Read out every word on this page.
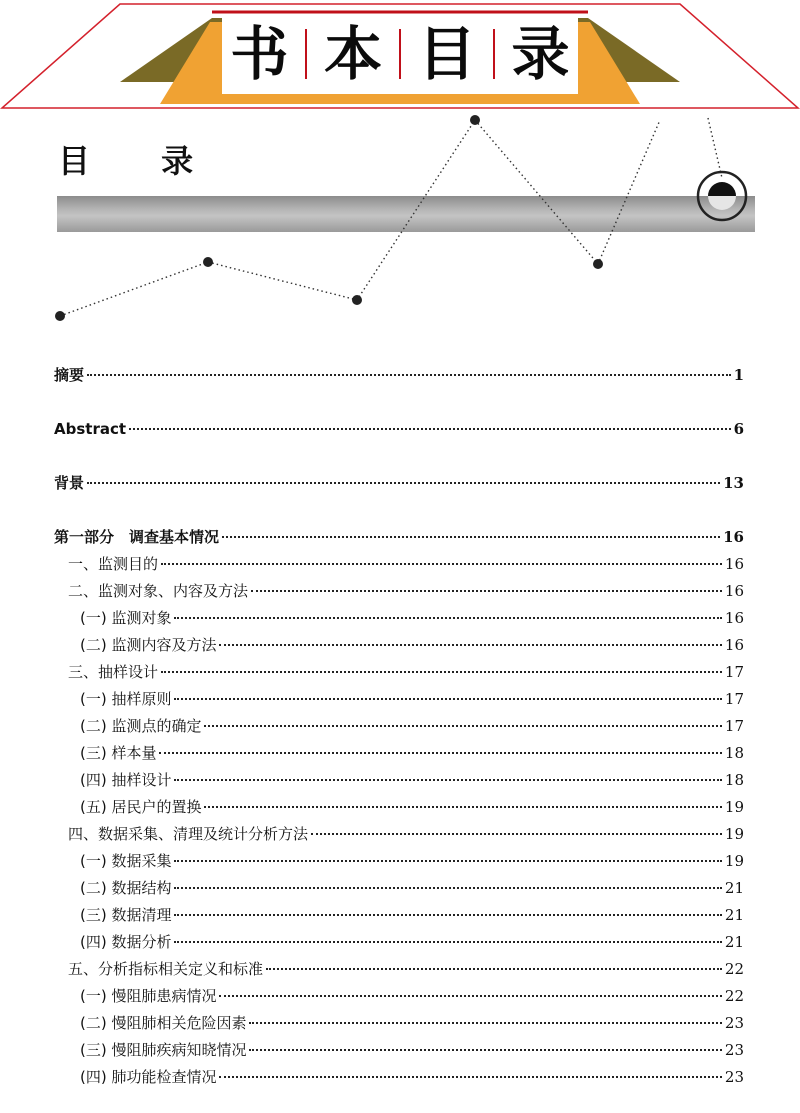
书 本 目 录
目 录
摘要	1
Abstract	6
背景	13
第一部分　调查基本情况	16
一、监测目的	16
二、监测对象、内容及方法	16
(一) 监测对象	16
(二) 监测内容及方法	16
三、抽样设计	17
(一) 抽样原则	17
(二) 监测点的确定	17
(三) 样本量	18
(四) 抽样设计	18
(五) 居民户的置换	19
四、数据采集、清理及统计分析方法	19
(一) 数据采集	19
(二) 数据结构	21
(三) 数据清理	21
(四) 数据分析	21
五、分析指标相关定义和标准	22
(一) 慢阻肺患病情况	22
(二) 慢阻肺相关危险因素	23
(三) 慢阻肺疾病知晓情况	23
(四) 肺功能检查情况	23
